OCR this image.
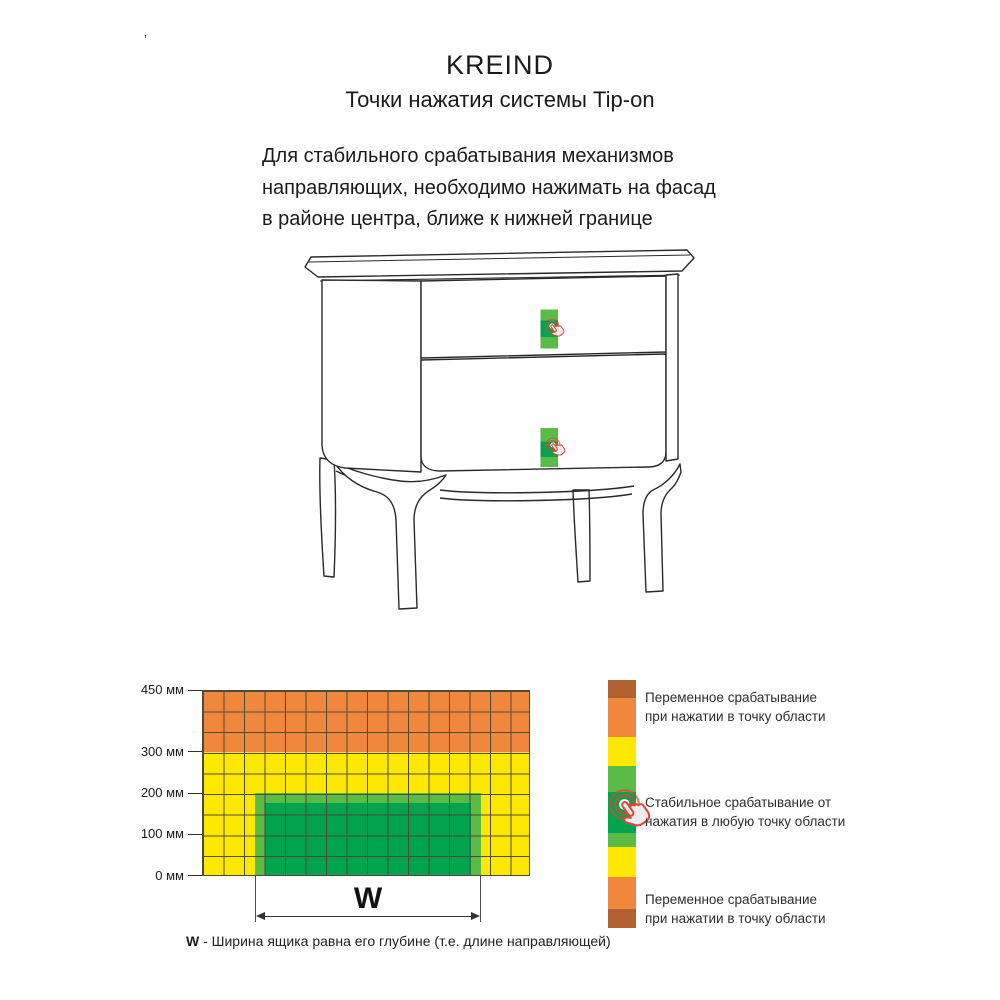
’
KREIND
Точки нажатия системы Tip-on
Для стабильного срабатывания механизмов
направляющих, необходимо нажимать на фасад
в районе центра, ближе к нижней границе
450 мм
300 мм
200 мм
100 мм
0 мм
W
W - Ширина ящика равна его глубине (т.е. длине направляющей)
Переменное срабатывание
при нажатии в точку области
Стабильное срабатывание от
нажатия в любую точку области
Переменное срабатывание
при нажатии в точку области
